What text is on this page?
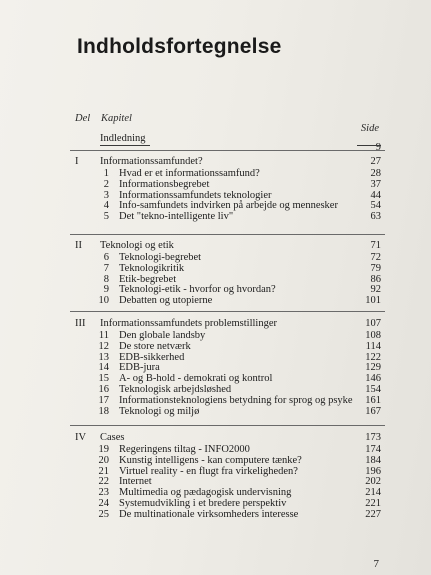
Indholdsfortegnelse
Del Kapitel
Side
Indledning
9
I Informationssamfundet?	27
1 Hvad er et informationssamfund?	28
2 Informationsbegrebet	37
3 Informationssamfundets teknologier	44
4 Info-samfundets indvirken på arbejde og mennesker	54
5 Det "tekno-intelligente liv"	63
II Teknologi og etik	71
6 Teknologi-begrebet	72
7 Teknologikritik	79
8 Etik-begrebet	86
9 Teknologi-etik - hvorfor og hvordan?	92
10 Debatten og utopierne	101
III Informationssamfundets problemstillinger	107
11 Den globale landsby	108
12 De store netværk	114
13 EDB-sikkerhed	122
14 EDB-jura	129
15 A- og B-hold - demokrati og kontrol	146
16 Teknologisk arbejdsløshed	154
17 Informationsteknologiens betydning for sprog og psyke 161
18 Teknologi og miljø	167
IV Cases	173
19 Regeringens tiltag - INFO2000	174
20 Kunstig intelligens - kan computere tænke?	184
21 Virtuel reality - en flugt fra virkeligheden?	196
22 Internet	202
23 Multimedia og pædagogisk undervisning	214
24 Systemudvikling i et bredere perspektiv	221
25 De multinationale virksomheders interesse	227
7
